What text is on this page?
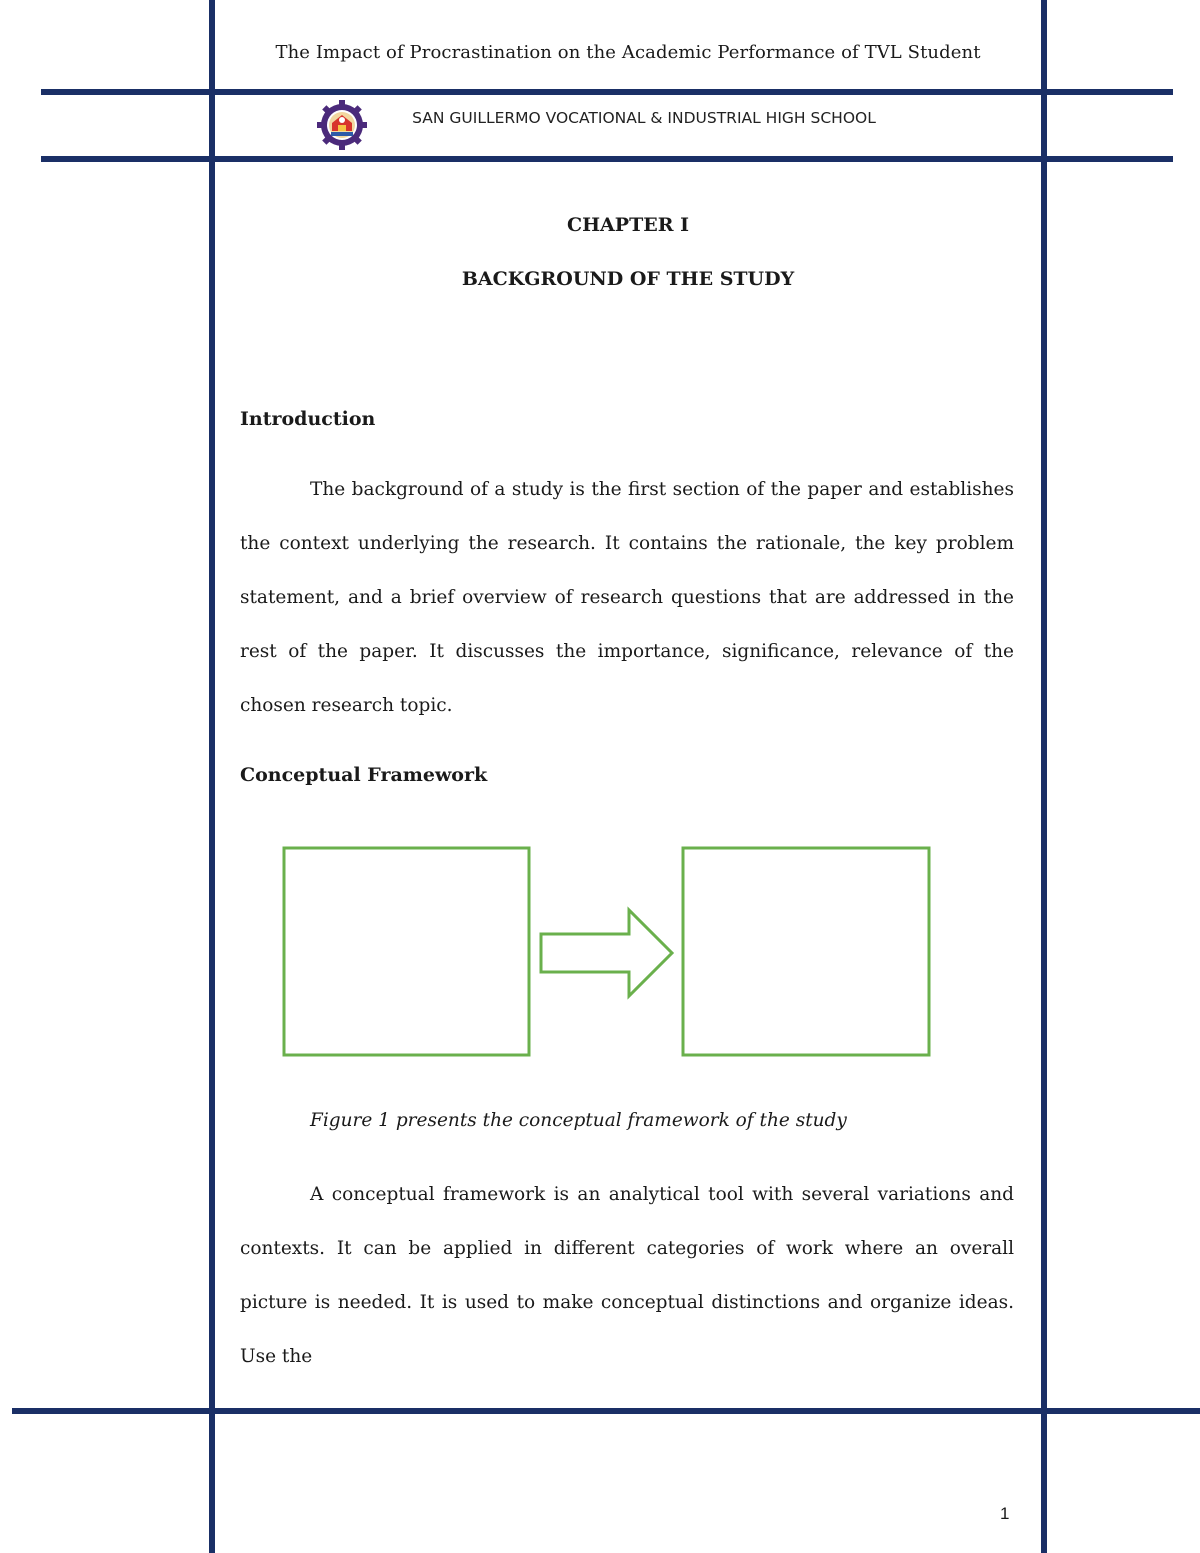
The Impact of Procrastination on the Academic Performance of TVL Student
SAN GUILLERMO VOCATIONAL & INDUSTRIAL HIGH SCHOOL
CHAPTER I
BACKGROUND OF THE STUDY
Introduction

The background of a study is the first section of the paper and establishes the context underlying the research. It contains the rationale, the key problem statement, and a brief overview of research questions that are addressed in the rest of the paper. It discusses the importance, significance, relevance of the chosen research topic.

Conceptual Framework
Figure 1 presents the conceptual framework of the study

A conceptual framework is an analytical tool with several variations and contexts. It can be applied in different categories of work where an overall picture is needed. It is used to make conceptual distinctions and organize ideas. Use the

1
